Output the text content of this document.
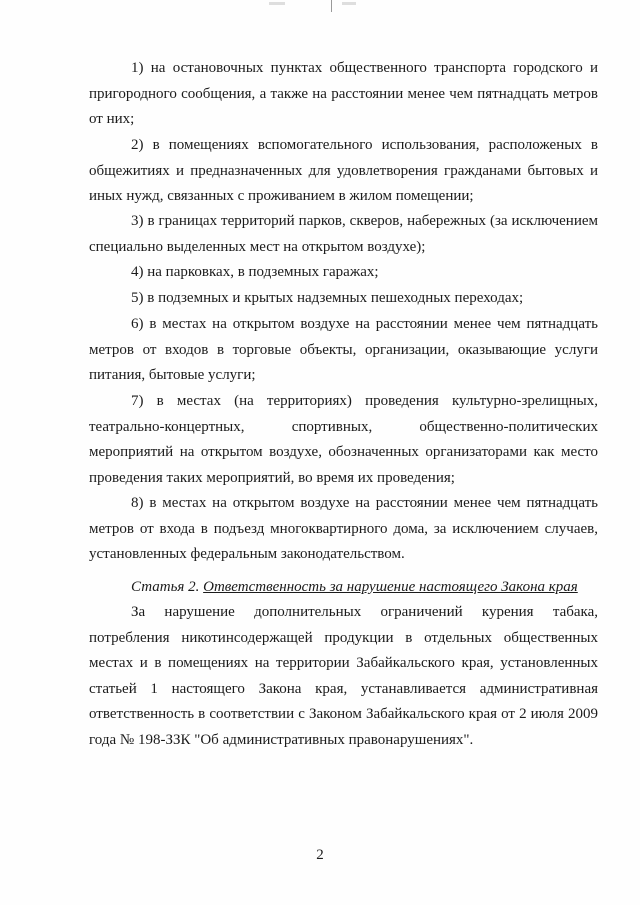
1) на остановочных пунктах общественного транспорта городского и пригородного сообщения, а также на расстоянии менее чем пятнадцать метров от них;

2) в помещениях вспомогательного использования, расположеных в общежитиях и предназначенных для удовлетворения гражданами бытовых и иных нужд, связанных с проживанием в жилом помещении;

3) в границах территорий парков, скверов, набережных (за исключением специально выделенных мест на открытом воздухе);

4) на парковках, в подземных гаражах;

5) в подземных и крытых надземных пешеходных переходах;

6) в местах на открытом воздухе на расстоянии менее чем пятнадцать метров от входов в торговые объекты, организации, оказывающие услуги питания, бытовые услуги;

7) в местах (на территориях) проведения культурно-зрелищных, театрально-концертных, спортивных, общественно-политических мероприятий на открытом воздухе, обозначенных организаторами как место проведения таких мероприятий, во время их проведения;

8) в местах на открытом воздухе на расстоянии менее чем пятнадцать метров от входа в подъезд многоквартирного дома, за исключением случаев, установленных федеральным законодательством.

Статья 2. Ответственность за нарушение настоящего Закона края

За нарушение дополнительных ограничений курения табака, потребления никотинсодержащей продукции в отдельных общественных местах и в помещениях на территории Забайкальского края, установленных статьей 1 настоящего Закона края, устанавливается административная ответственность в соответствии с Законом Забайкальского края от 2 июля 2009 года № 198-ЗЗК "Об административных правонарушениях".

2
